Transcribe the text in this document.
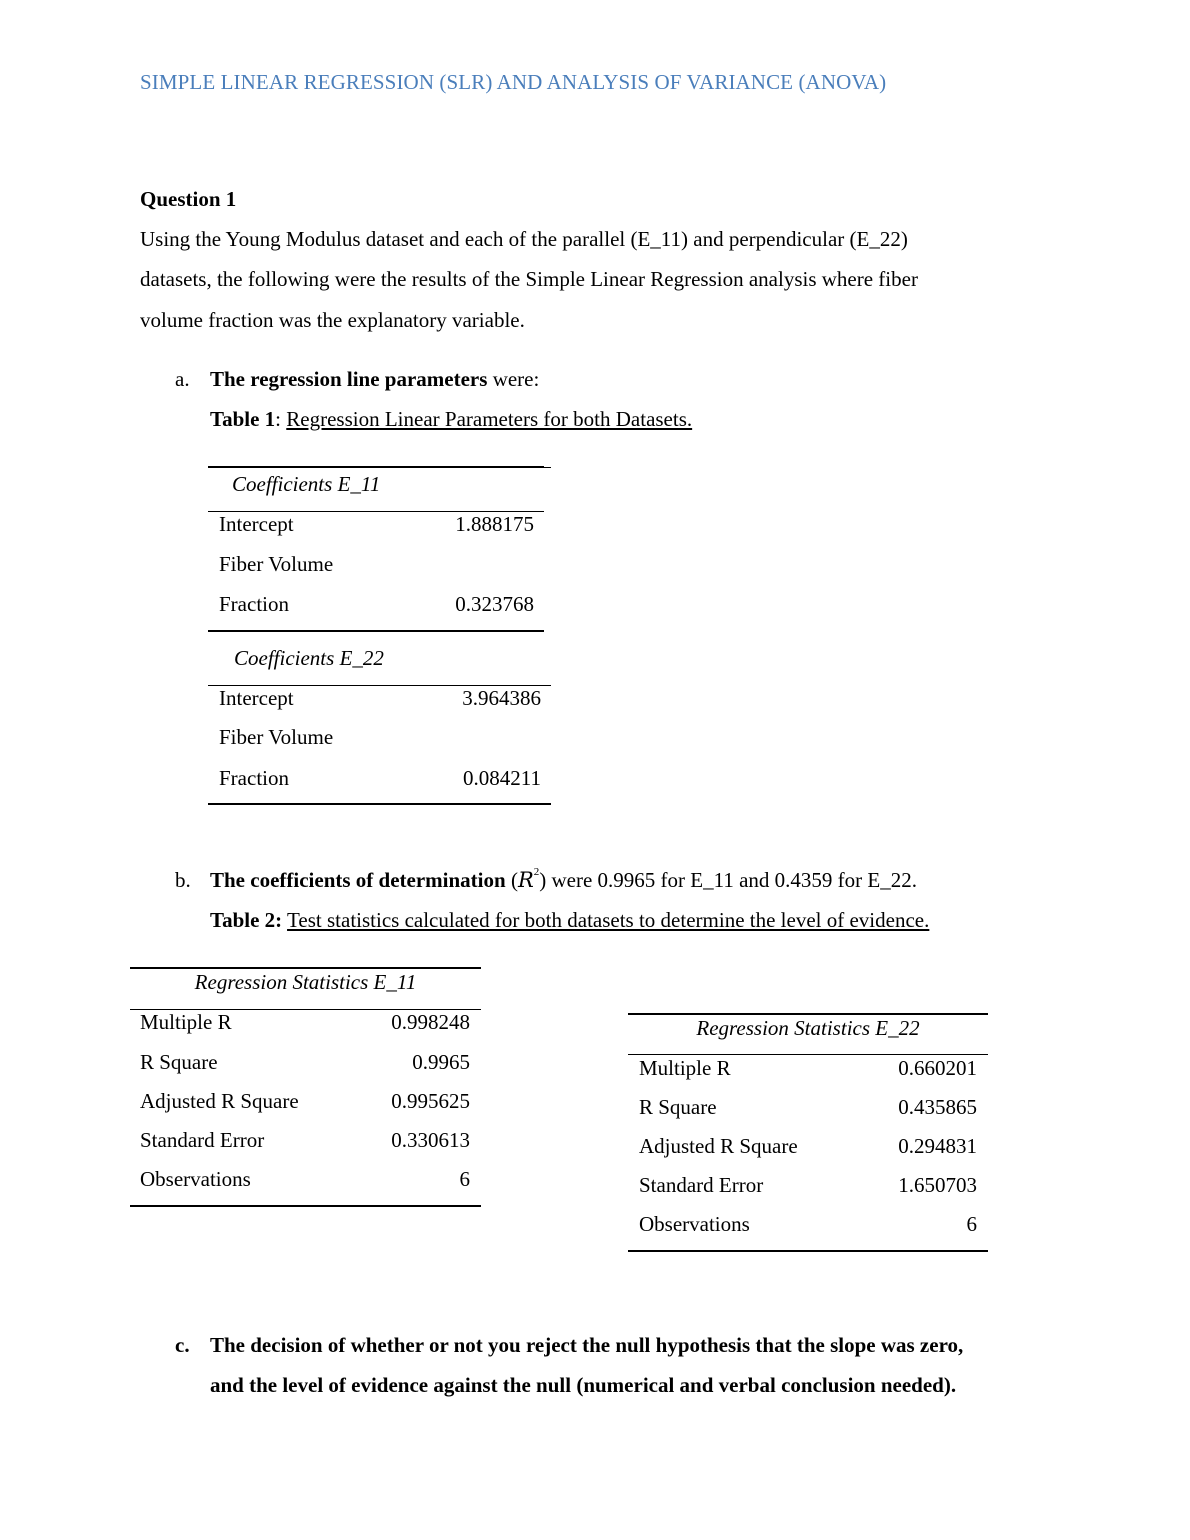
SIMPLE LINEAR REGRESSION (SLR) AND ANALYSIS OF VARIANCE (ANOVA)
Question 1
Using the Young Modulus dataset and each of the parallel (E_11) and perpendicular (E_22)
datasets, the following were the results of the Simple Linear Regression analysis where fiber
volume fraction was the explanatory variable.
a. The regression line parameters were:
Table 1: Regression Linear Parameters for both Datasets.
Coefficients E_11
Intercept	1.888175
Fiber Volume
Fraction	0.323768
Coefficients E_22
Intercept	3.964386
Fiber Volume
Fraction	0.084211
b. The coefficients of determination $(R^2)$ were 0.9965 for E_11 and 0.4359 for E_22.
Table 2: Test statistics calculated for both datasets to determine the level of evidence.
Regression Statistics E_11
Multiple R	0.998248
R Square	0.9965
Adjusted R Square	0.995625
Standard Error	0.330613
Observations	6
Regression Statistics E_22
Multiple R	0.660201
R Square	0.435865
Adjusted R Square	0.294831
Standard Error	1.650703
Observations	6
c. The decision of whether or not you reject the null hypothesis that the slope was zero,
and the level of evidence against the null (numerical and verbal conclusion needed).
